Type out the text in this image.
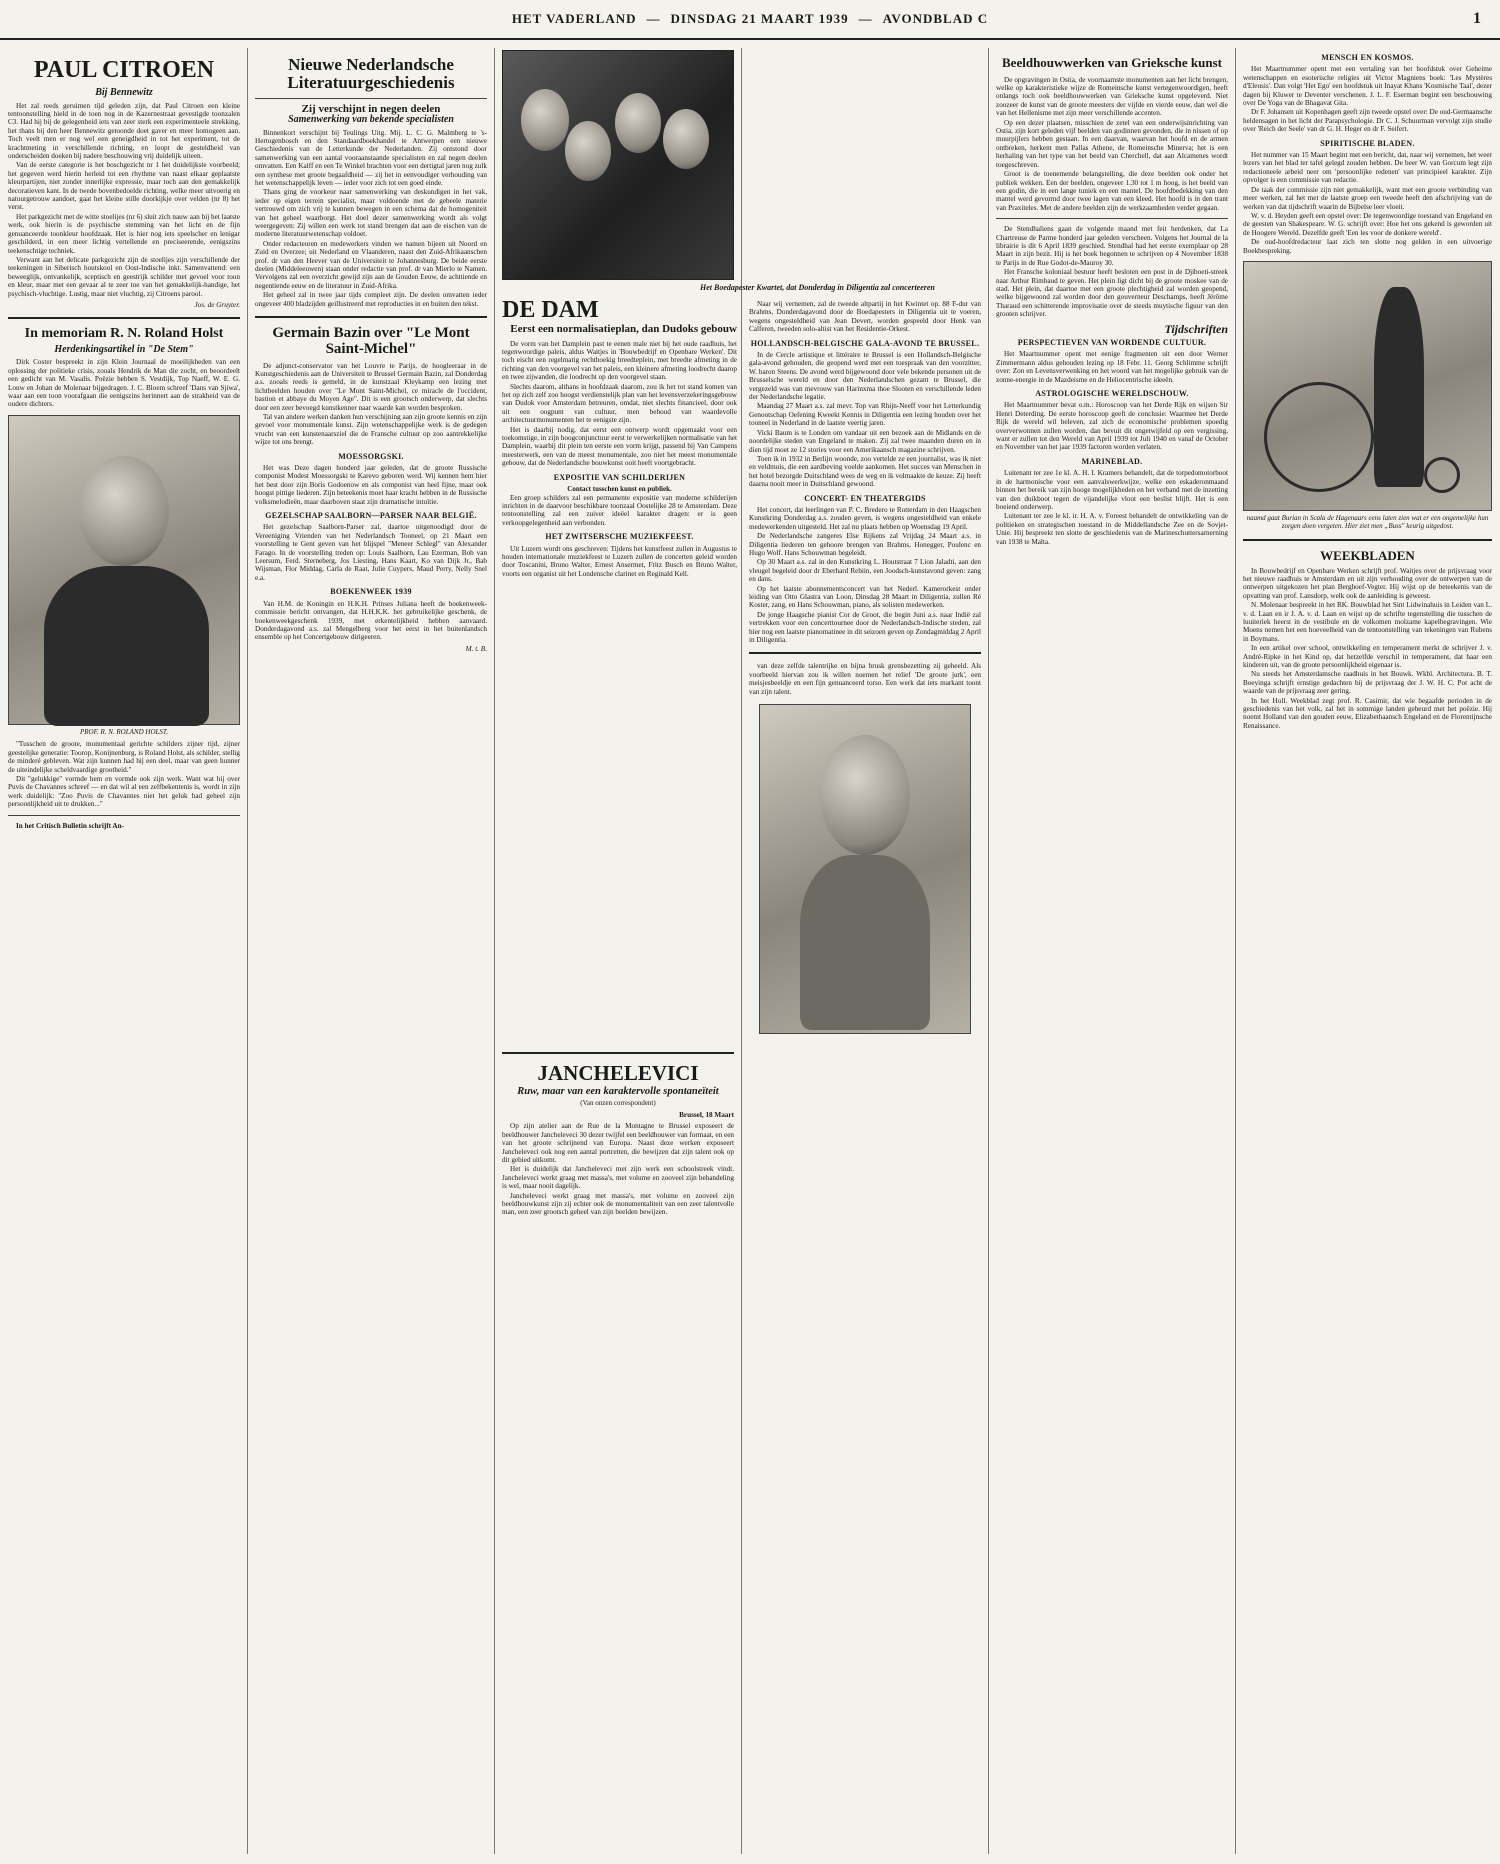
HET VADERLAND — DINSDAG 21 MAART 1939 — AVONDBLAD C	1
PAUL CITROEN
Bij Bennewitz

Het zal reeds geruimen tijd geleden zijn, dat Paul Citroen een kleine tentoonstelling hield in de toen nog in de Kazernestraat gevestigde toonzalen C3. Had hij bij de gelegenheid iets van zeer sterk een experimenteele strekking, het thans bij den heer Bennewitz getoonde doet gaver en meer homogeen aan. Toch veelt men er nog wel een geneigdheid in tot het experiment, tot de krachtmeting in verschillende richting, en loopt de gesteldheid van onderscheiden doeken bij nadere beschouwing vrij duidelijk uiteen.

Van de eerste categorie is het boschgezicht nr 1 het duidelijkste voorbeeld; het gegeven werd hierin herleid tot een rhythme van naast elkaar geplaatste kleurpartijen, niet zonder innerlijke expressie, maar toch aan den gemakkelijk decoratieven kant. In de twede bovenbedoelde richting, welke meer uitvoerig en natuurgetrouw aandoet, gaat het kleine stille doorkijkje over velden (nr 8) het verst.

Het parkgezicht met de witte stoelijes (nr 6) sluit zich nauw aan bij het laatste werk, ook hierin is de psychische stemming van het licht en de fijn genuanceerde toonkleur hoofdzaak. Het is hier nog iets speelscher en lenigar geschilderd, in een meer lichtig vertellende en preciseerende, eenigszins teekenschtige techniek.

Verwant aan het delicate parkgezicht zijn de stoelijes zijn verschillende der teekeningen in Siberisch houtskool en Oost-Indische inkt. Samenvattend: een beweeglijk, ontvankelijk, sceptisch en geestrijk schilder met gevoel voor toon en kleur, maar met een gevaar al te zeer toe van het gemakkelijk-handige, het psychisch-vluchtige. Lustig, maar niet vluchtig, zij Citroens parool.

Jos. de Gruyter.
In memoriam R. N. Roland Holst
Herdenkingsartikel in "De Stem"

Dirk Coster bespreekt in zijn Klein Journaal de moeilijkheden van een oplossing der politieke crisis, zooals Hendrik de Man die zocht, en beoordeelt een gedicht van M. Vasalis. Poëzie hebben S. Vestdijk, Top Naeff, W. E. G. Louw en Johan de Molenaar bijgedragen. J. C. Bloem schreef 'Dans van Sjiwa', waar aan een toon voorafgaan die eenigszins herinnert aan de strakheid van de oudere dichters.

PROF. R. N. ROLAND HOLST.

"Tusschen de groote, monumentaal gerichte schilders zijner tijd, zijner geestelijke generatie: Toorop, Konijnenburg, is Roland Holst, als schilder, stellig de minderé gebleven. Wat zijn kunnen had hij een deel, maar van geen hunner de uiteindelijke scheldvaardige grootheid."

Dit "gelukkige" vormde hem en vormde ook zijn werk. Want wat hij over Puvis de Chavannes schreef — en dat wil al een zelfbekentenis is, wordt in zijn werk duidelijk: "Zoo Puvis de Chavannes niet het geluk had geheel zijn persoonlijkheid uit te drukken..."

In het Critisch Bulletin schrijft An-

Nieuwe Nederlandsche Literatuurgeschiedenis
Zij verschijnt in negen deelen
Samenwerking van bekende specialisten

Binnenkort verschijnt bij Teulings Uitg. Mij. L. C. G. Malmberg te 's-Hertogenbosch en den Standaardboekhandel te Antwerpen een nieuwe Geschiedenis van de Letterkunde der Nederlanden. Zij ontstond door samenwerking van een aantal vooraanstaande specialisten en zal negen deelen omvatten. Een Kalff en een Te Winkel brachten voor een dertigtal jaren nog zulk een synthese met groote begaafdheid — zij het in eenvoudiger verhouding van het wetenschappelijk leven — ieder voor zich tot een goed einde.

Thans ging de voorkeur naar samenwerking van deskundigen in het vak, ieder op eigen terrein specialist, maar voldoende met de gebeele materie vertrouwd om zich vrij te kunnen bewegen in een schema dat de homogeniteit van het geheel waarborgt. Het doel dezer samenwerking wordt als volgt weergegeven: Zij willen een werk tot stand brengen dat aan de eischen van de moderne literatuurwetenschap voldoet.

Onder redacteuren en medewerkers vinden we namen bijeen uit Noord en Zuid en Overzee; uit Nederland en Vlaanderen, naast den Zuid-Afrikaanschen prof. dr van den Heever van de Universiteit te Johannesburg. De beide eerste deelen (Middeleeuwen) staan onder redactie van prof. dr van Mierlo te Namen. Vervolgens zal een overzicht gewijd zijn aan de Gouden Eeuw, de achttiende en negentiende eeuw en de literatuur in Zuid-Afrika.

Het geheel zal in twee jaar tijds compleet zijn. De deelen omvatten ieder ongeveer 400 bladzijden geillustreerd met reproducties in en buiten den tekst.

Germain Bazin over "Le Mont Saint-Michel"

De adjunct-conservator van het Louvre te Parijs, de hoogleeraar in de Kunstgeschiedenis aan de Universiteit te Brussel Germain Bazin, zal Donderdag a.s. zooals reeds is gemeld, in de kunstzaal Kleykamp een lezing met lichtbeelden houden over "Le Mont Saint-Michel, ce miracle de l'occident, bastion et abbaye du Moyen Age". Dit is een grootsch onderwerp, dat slechts door een zeer bevoegd kunstkenner naar waarde kan worden besproken.

Tal van andere werken danken hun verschijning aan zijn groote kennis en zijn gevoel voor monumentale kunst. Zijn wetenschappelijke werk is de gedegen vrucht van een kunstenaarsziel die de Fransche cultuur op zoo aantrekkelijke wijze tot ons brengt.

MOESSORGSKI.

Het was Deze dagen honderd jaar geleden, dat de groote Russische componist Modest Moessorgski te Karevo geboren werd. Wij kennen hem hier het best door zijn Boris Godoenow en als componist van heel fijne, maar ook hoogst pittige liederen. Zijn beteekenis moet haar kracht hebben in de Russische volksmelodieën, maar daarboven staat zijn dramatische intuïtie.

GEZELSCHAP SAALBORN—PARSER NAAR BELGIË.

Het gezelschap Saalborn-Parser zal, daartoe uitgenoodigd door de Vereeniging Vrienden van het Nederlandsch Tooneel, op 21 Maart een voorstelling te Gent geven van het blijspel "Meneer Schlegl" van Alexander Farago. In de voorstelling treden op: Louis Saalborn, Lau Ezerman, Bob van Leersum, Ferd. Sterneberg, Jos Liesting, Hans Kaart, Ko van Dijk Jr., Bab Wijsman, Flor Middag, Carla de Raat, Julie Cuypers, Maud Perry, Nelly Snel e.a.

BOEKENWEEK 1939

Van H.M. de Koningin en H.K.H. Prinses Juliana heeft de boekenweek-commissie bericht ontvangen, dat H.H.K.K. het gebruikelijke geschenk, de boekenweekgeschenk 1939, met erkentelijkheid hebben aanvaard. Donderdagavond a.s. zal Mengelberg voor het eerst in het buitenlandsch ensemble op het Concertgebouw dirigeeren.

M. t. B.
DE DAM
Eerst een normalisatieplan, dan Dudoks gebouw

De vorm van het Damplein past te eenen male niet bij het oude raadhuis, het tegenwoordige paleis, aldus Waitjes in 'Bouwbedrijf en Openbare Werken'. Dit toch eischt een regelmatig rechthoekig breedteplein, met breedte afmeting in de richting van den voorgevel van het paleis, een kleinere afmeting loodrecht daarop en twee zijwanden, die loodrecht op den voorgevel staan.

Slechts daarom, althans in hoofdzaak daarom, zou ik het tot stand komen van het op zich zelf zoo hoogst verdienstelijk plan van het levensverzekeringsgebouw van Dudok voor Amsterdam betreuren, omdat, niet slechts financieel, door ook uit een oogpunt van cultuur, men behoud van waardevolle architectuurmonumenten het te eenigste zijn.

Het is daarbij nodig, dat eerst een ontwerp wordt opgemaakt voor een toekomstige, in zijn hoogconjunctuur eerst te verwerkelijken normalisatie van het Damplein, waarbij dit plein ten eerste een vorm krijgt, passend bij Van Campens meesterwerk, een van de meest monumentale, zoo niet het meest monumentale gebouw, dat de Nederlandsche bouwkunst ooit heeft voortgebracht.

EXPOSITIE VAN SCHILDERIJEN
Contact tusschen kunst en publiek.

Een groep schilders zal een permanente expositie van moderne schilderijen inrichten in de daarvoor beschikbare toonzaal Oostelijke 28 te Amsterdam. Deze tentoonstelling zal een zuiver ideëel karakter dragen: er is geen verkoopgelegenheid aan verbonden.

HET ZWITSERSCHE MUZIEKFEEST.

Uit Luzern wordt ons geschreven: Tijdens het kunstfeest zullen in Augustus te houden internationale muziekfeest te Luzern zullen de concerten geleid worden door Toscanini, Bruno Walter, Ernest Ansermet, Fritz Busch en Bruno Walter, voorts een organist uit het Londensche clarinet en Reginald Kell.

Het Boedapester Kwartet, dat Donderdag in Diligentia zal concerteeren
JANCHELEVICI
Ruw, maar van een karaktervolle spontaneïteit
(Van onzen correspondent)
Brussel, 18 Maart

Op zijn atelier aan de Rue de la Montagne te Brussel exposeert de beeldhouwer Jancheleveci 30 dezer twijfel een beeldhouwer van formaat, en een van het groote schrijnend van Europa. Naast deze werken exposeert Jancheleveci ook nog een aantal portretten, die bewijzen dat zijn talent ook op dit gebied uitkomt.

Het is duidelijk dat Jancheleveci met zijn werk een schoolstreek vindt. Jancheleveci werkt graag met massa's, met volume en zooveel zijn behandeling is wel, maar nooit dagelijk.

Jancheleveci werkt graag met massa's, met volume en zooveel zijn beeldhouwkunst zijn zij echter ook de monumentaliteit van een zeer talentvolle man, een zeer grootsch geheel van zijn beelden bewijzen.

Naar wij vernemen, zal de tweede altpartij in het Kwintet op. 88 F-dur van Brahms, Donderdagavond door de Boedapesters in Diligentia uit te voeren, wegens ongesteldheid van Jean Devert, worden gespeeld door Henk van Calferen, tweeden solo-altist van het Residentie-Orkest.

HOLLANDSCH-BELGISCHE GALA-AVOND TE BRUSSEL.

In de Cercle artistique et littéraire te Brussel is een Hollandsch-Belgische gala-avond gehouden, die geopend werd met een toespraak van den voorzitter, W. baron Steens. De avond werd bijgewoond door vele bekende personen uit de Brusselsche wereld en door den Nederlandschen gezant te Brussel, die vergezeld was van mevrouw van Harinxma thoe Slooten en verschillende leden der Nederlandsche legatie.

Maandag 27 Maart a.s. zal mevr. Top van Rhijn-Neeff voor het Letterkundig Genootschap Oefening Kweekt Kennis in Diligentia een lezing houden over het tooneel in Nederland in de laatste veertig jaren.

Vicki Baum is te Londen om vandaar uit een bezoek aan de Midlands en de noordelijke steden van Engeland te maken. Zij zal twee maanden duren en in dien tijd moet ze 12 stories voor een Amerikaansch magazine schrijven.

Toen ik in 1932 in Berlijn woonde, zoo vertelde ze een journalist, was ik niet en veldmuis, die een aardbeving voelde aankomen. Het succes van Menschen in het hotel bezorgde Duitschland wees de weg en ik volmaakte de keuze. Zij heeft daarna nooit meer in Duitschland gewoond.

CONCERT- EN THEATERGIDS

Het concert, dat leerlingen van P. C. Bredero te Rotterdam in den Haagschen Kunstkring Donderdag a.s. zouden geven, is wegens ongesteldheid van enkele medewerkenden uitgesteld. Het zal nu plaats hebben op Woensdag 19 April.

De Nederlandsche zangeres Else Rijkens zal Vrijdag 24 Maart a.s. in Diligentia liederen ten gehoore brengen van Brahms, Honegger, Poulenc en Hugo Wolf. Hans Schouwman begeleidt.

Op 30 Maart a.s. zal in den Kunstkring L. Houtstraat 7 Lion Jaladti, aan den vleugel begeleid door dr Eberhard Rebiin, een Joodsch-kunstavond geven: zang en dans.

Op het laatste abonnementsconcert van het Nederl. Kamerorkest onder leiding van Otto Glastra van Loon, Dinsdag 28 Maart in Diligentia, zullen Ré Koster, zang, en Hans Schouwman, piano, als solisten medewerken.

De jonge Haagsche pianist Cor de Groot, die begin Juni a.s. naar Indië zal vertrekken voor een concerttournee door de Nederlandsch-Indische steden, zal hier nog een laatste pianomatinee in dit seizoen geven op Zondagmiddag 2 April in Diligentia.

van deze zelfde talentrijke en bijna brusk grensbezetting zij geheeld. Als voorbeeld hiervan zou ik willen noemen het relief 'De groote jurk', een meisjesbeeldje en een fijn genuanceerd torso. Een werk dat iets markant toont van zijn talent.

Beeldhouwwerken van Grieksche kunst

De opgravingen in Ostia, de voornaamste monumenten aan het licht brengen, welke op karakteristieke wijze de Romeinsche kunst vertegenwoordigen, heeft onlangs toch ook beeldhouwwerken van Grieksche kunst opgeleverd. Niet zoozeer de kunst van de groote meesters der vijfde en vierde eeuw, dan wel die van het Hellenisme met zijn meer verschillende accenten.

Op een dezer plaatsen, misschien de zetel van een onderwijsinrichting van Ostia, zijn kort geleden vijf beelden van godinnen gevonden, die in nissen of op muurpijlers hebben gestaan. In een daarvan, waarvan het hoofd en de armen ontbreken, herkent men Pallas Athene, de Romeinsche Minerva; het is een herhaling van het type van het beeld van Cherchell, dat aan Alcamenes wordt toegeschreven.

Groot is de toenemende belangstelling, die deze beelden ook onder het publiek wekken. Een der beelden, ongeveer 1.30 tot 1 m hoog, is het beeld van een godin, die in een lange tuniek en een mantel. De hoofdbedekking van den mantel werd gevormd door twee lagen van een kleed. Het hoofd is in den trant van Praxiteles. Met de andere beelden zijn de werkzaamheden verder gegaan.

De Stendhaliens gaan de volgende maand met feit herdenken, dat La Chartreuse de Parme honderd jaar geleden verscheen. Volgens het Journal de la librairie is dit 6 April 1839 geschied. Stendhal had het eerste exemplaar op 28 Maart in zijn bezit. Hij is het boek begonnen te schrijven op 4 November 1838 te Parijs in de Rue Godot-de-Mauroy 30.

Het Fransche koloniaal bestuur heeft besloten een post in de Djiboeti-streek naar Arthur Rimbaud te geven. Het plein ligt dicht bij de groote moskee van de stad. Het plein, dat daartoe met een groote plechtigheid zal worden geopend, welke bijgewoond zal worden door den gouverneur Deschamps, heeft Jérôme Tharaud een schitterende improvisatie over de steeds muytische figuur van den grooten schrijver.

Tijdschriften
PERSPECTIEVEN VAN WORDENDE CULTUUR.

Het Maartnummer opent met eenige fragmenten uit een door Werner Zimmermann aldus gehouden lezing op 18 Febr. 11. Georg Schlimme schrijft over: Zon en Levensverwenking en het woord van het mogelijke gebruik van de zonne-energie in de Mazdeisme en de Heliocentrische ideeën.

ASTROLOGISCHE WERELDSCHOUW.

Het Maartnummer bevat o.m.: Horoscoop van het Derde Rijk en wijsen Sir Henri Deterding. De eerste horoscoop geeft de conclusie: Waarmee het Derde Rijk de wereld wil beleven, zal zich de economische problemen spoedig oververwonnen zullen worden, dan bevuit dit ongetwijfeld op een vergissing, want er zullen tot den Wereld van April 1939 tot Juli 1940 en vanaf de October en November van het jaar 1939 factoren worden verlaten.

MARINEBLAD.

Luitenant ter zee 1e kl. A. H. I. Kramers behandelt, dat de torpedomotorboot in de harmonische voor een aanvalswerkwijze, welke een eskaderonmaand binnen het bereik van zijn hooge mogelijkheden en het verband met de inzetting van den duikboot tegen de vijandelijke vloot een beslist blijft. Het is een boeiend onderwerp.

Luitenant ter zee le kl. ir. H. A. v. Foreest behandelt de ontwikkeling van de politieken en strategischen toestand in de Middellandsche Zee en de Sovjet-Unie. Hij bespreekt ten slotte de geschiedenis van de Marineschuttersarnerning van 1938 te Malta.

MENSCH EN KOSMOS.

Het Maartnummer opent met een vertaling van het hoofdstuk over Geheime wetenschappen en esoterische religies uit Victor Magniens boek: 'Les Mystères d'Eleusis'. Dan volgt 'Het Ego' een hoofdstuk uit Inayat Khans 'Kosmische Taal', dezer dagen bij Kluwer te Deventer verschenen. J. L. F. Eserman begint een beschouwing over De Yoga van de Bhagavat Gita.

Dr F. Johansen uit Kopenhagen geeft zijn tweede opstel over: De oud-Germaansche heldensagen in het licht der Parapsychologie. Dr C. J. Schuurman vervolgt zijn studie over 'Reich der Seele' van dr G. H. Heger en dr F. Seifert.

SPIRITISCHE BLADEN.

Het nummer van 15 Maart begint met een bericht, dat, naar wij vernemen, het weer lezers van het blad ter tafel gelegd zouden hebben. De beer W. van Gorcum legt zijn redactioneele arbeid neer om 'persoonlijke redenen' van principieel karakter. Zijn opvolger is een commissie van redactie.

De taak der commissie zijn niet gemakkelijk, want met een groote verbinding van meer werken, zal het met de laatste groep een tweede heeft den afschrijving van de werken van dat tijdschrift waarin de Bijbelse leer vloeit.

W. v. d. Heyden geeft een opstel over: De tegenwoordige toestand van Engeland en de geesten van Shakespeare. W. G. schrijft over: Hoe het ons gekend is geworden uit de Hoogere Wereld. Dezelfde geeft 'Een les voor de donkere wereld'.

De oud-hoofdredacteur laat zich ten slotte nog gelden in een uitvoerige Boekbespreking.

naamd gaat Burian in Scala de Hagenaars eens laten zien wat er een ongemelijke hun zorgen doen vergeten. Hier ziet men „Buss" keurig uitgedost.
WEEKBLADEN

In Bouwbedrijf en Openbare Werken schrijft prof. Waitjes over de prijsvraag voor het nieuwe raadhuis te Amsterdam en uit zijn verhouding over de ontwerpen van de ontwerpen uitgekozen het plan Berghoef-Vegter. Hij wijst op de beteekenis van de opvatting van prof. Lansdorp, welk ook de aanleiding is geweest.

N. Molenaar bespreekt in het RK. Bouwblad het Sint Lidwinahuis in Leiden van L. v. d. Laan en ir J. A. v. d. Laan en wijst op de schrifte tegenstelling die tusschen de luuiteriek heerst in de vestibule en de volkomen molzame kapelbegravingen. Wie Moens nemen het een hoeveelheid van de tentoonstelling van tekeningen van Rubens in Boymans.

In een artikel over school, ontwikkeling en temperament merkt de schrijver J. v. André-Ripke in het Kind op, dat hetzelfde verschil in temperament, dat haar een kinderen uit, van de groote persoonlijkheid eigenaar is.

Nu steeds het Amsterdamsche raadhuis in het Bouwk. Wkbl. Architectura. B. T. Boeyinga schrijft ernstige gedachten bij de prijsvraag der J. W. H. C. Pot acht de waarde van de prijsvraag zeer gering.

In het Holl. Weekblad zegt prof. R. Casimir, dat wie begaafde perioden in de geschiedenis van het volk, zal het in sommige landen gebeurd met het poëzie. Hij noemt Holland van den gouden eeuw, Elizabethaansch Engeland en de Florentijnsche Renaissance.
